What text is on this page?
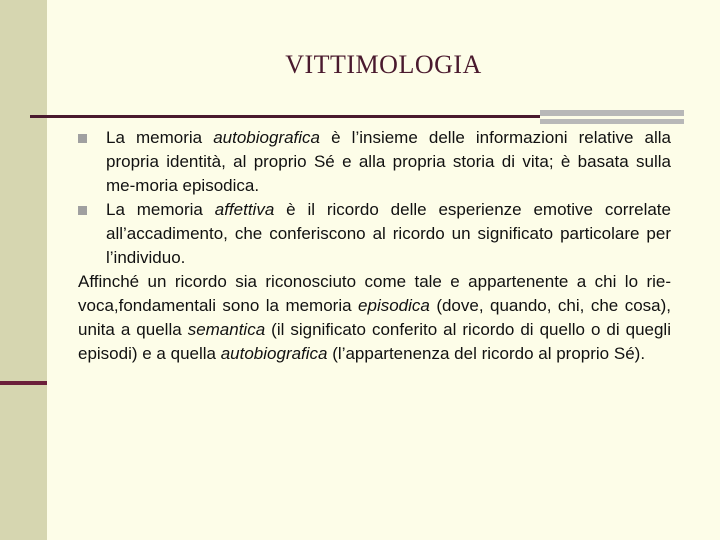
VITTIMOLOGIA
La memoria autobiografica è l’insieme delle informazioni relative alla propria identità, al proprio Sé e alla propria storia di vita; è basata sulla me-moria episodica.
La memoria affettiva è il ricordo delle esperienze emotive correlate all’accadimento, che conferiscono al ricordo un significato particolare per l’individuo.
Affinché un ricordo sia riconosciuto come tale e appartenente a chi lo rie-voca,fondamentali sono la memoria episodica (dove, quando, chi, che cosa), unita a quella semantica (il significato conferito al ricordo di quello o di quegli episodi) e a quella autobiografica (l’appartenenza del ricordo al proprio Sé).
